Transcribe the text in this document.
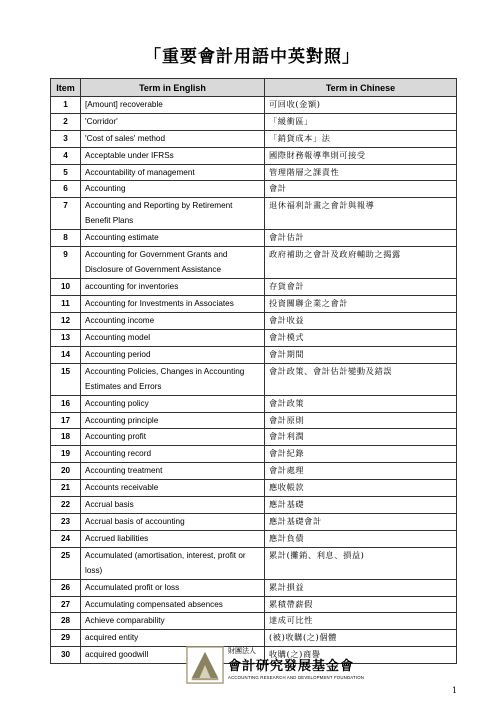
「重要會計用語中英對照」
Item	Term in English	Term in Chinese
1	[Amount] recoverable	可回收(金額)
2	'Corridor'	「緩衝區」
3	'Cost of sales' method	「銷貨成本」法
4	Acceptable under IFRSs	國際財務報導準則可接受
5	Accountability of management	管理階層之課責性
6	Accounting	會計
7	Accounting and Reporting by Retirement Benefit Plans	退休福利計畫之會計與報導
8	Accounting estimate	會計估計
9	Accounting for Government Grants and Disclosure of Government Assistance	政府補助之會計及政府輔助之揭露
10	accounting for inventories	存貨會計
11	Accounting for Investments in Associates	投資關聯企業之會計
12	Accounting income	會計收益
13	Accounting model	會計模式
14	Accounting period	會計期間
15	Accounting Policies, Changes in Accounting Estimates and Errors	會計政策、會計估計變動及錯誤
16	Accounting policy	會計政策
17	Accounting principle	會計原則
18	Accounting profit	會計利潤
19	Accounting record	會計紀錄
20	Accounting treatment	會計處理
21	Accounts receivable	應收帳款
22	Accrual basis	應計基礎
23	Accrual basis of accounting	應計基礎會計
24	Accrued liabilities	應計負債
25	Accumulated (amortisation, interest, profit or loss)	累計(攤銷、利息、損益)
26	Accumulated profit or loss	累計損益
27	Accumulating compensated absences	累積帶薪假
28	Achieve comparability	達成可比性
29	acquired entity	(被)收購(之)個體
30	acquired goodwill	收購(之)商譽
財團法人
會計研究發展基金會
ACCOUNTING RESEARCH AND DEVELOPMENT FOUNDATION
1
